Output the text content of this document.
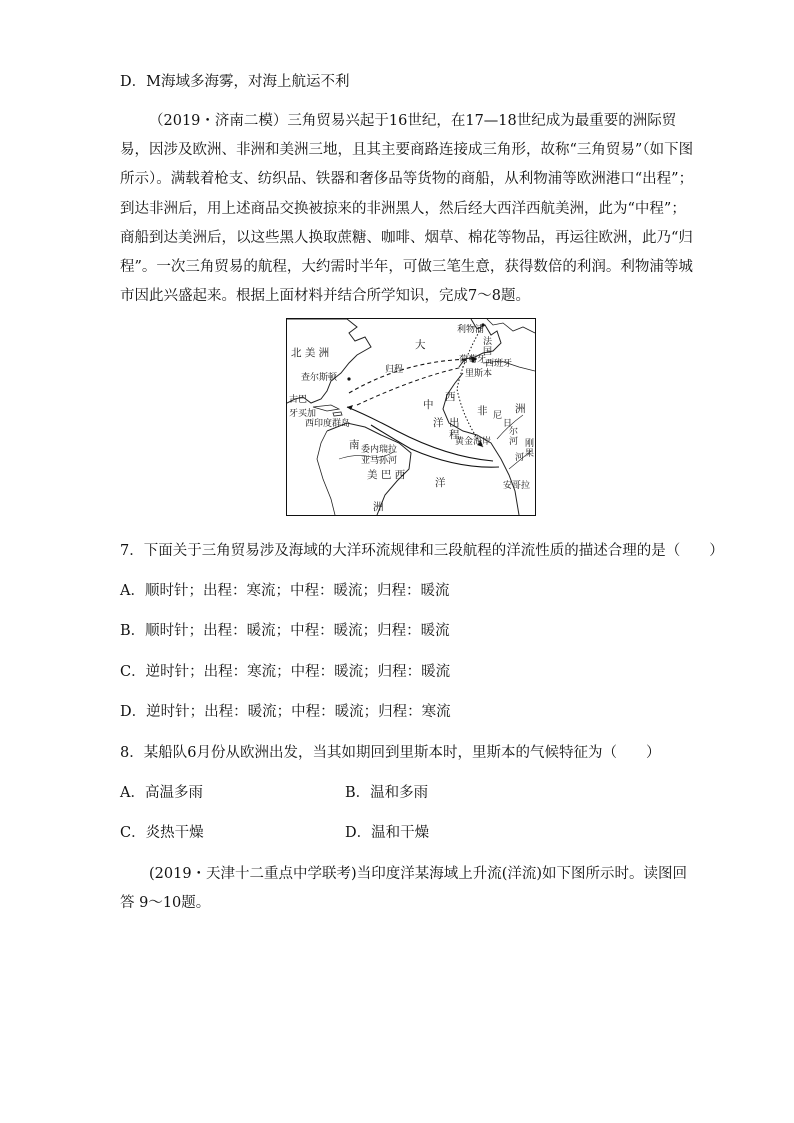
D．M海域多海雾，对海上航运不利
（2019・济南二模）三角贸易兴起于16世纪，在17—18世纪成为最重要的洲际贸易，因涉及欧洲、非洲和美洲三地，且其主要商路连接成三角形，故称“三角贸易”（如下图所示）。满载着枪支、纺织品、铁器和奢侈品等货物的商船，从利物浦等欧洲港口“出程”；到达非洲后，用上述商品交换被掠来的非洲黑人，然后经大西洋西航美洲，此为“中程”；商船到达美洲后，以这些黑人换取蔗糖、咖啡、烟草、棉花等物品，再运往欧洲，此乃“归程”。一次三角贸易的航程，大约需时半年，可做三笔生意，获得数倍的利润。利物浦等城市因此兴盛起来。根据上面材料并结合所学知识，完成7～8题。
北 美 洲
大
查尔斯顿
归程
利物浦
法国
葡萄牙
西班牙
里斯本
古巴
牙买加
西印度群岛
中
西
洋 出程
非	洲
尼
日
尔
河
黄金海岸	刚
果
河
安哥拉
南 委内瑞拉
亚马孙河
美 巴 西
洲
洋
7．下面关于三角贸易涉及海域的大洋环流规律和三段航程的洋流性质的描述合理的是（　　）
A．顺时针；出程：寒流；中程：暖流；归程：暖流
B．顺时针；出程：暖流；中程：暖流；归程：暖流
C．逆时针；出程：寒流；中程：暖流；归程：暖流
D．逆时针；出程：暖流；中程：暖流；归程：寒流
8．某船队6月份从欧洲出发，当其如期回到里斯本时，里斯本的气候特征为（　　）
A．高温多雨	B．温和多雨
C．炎热干燥	D．温和干燥
(2019・天津十二重点中学联考)当印度洋某海域上升流(洋流)如下图所示时。读图回答 9～10题。
